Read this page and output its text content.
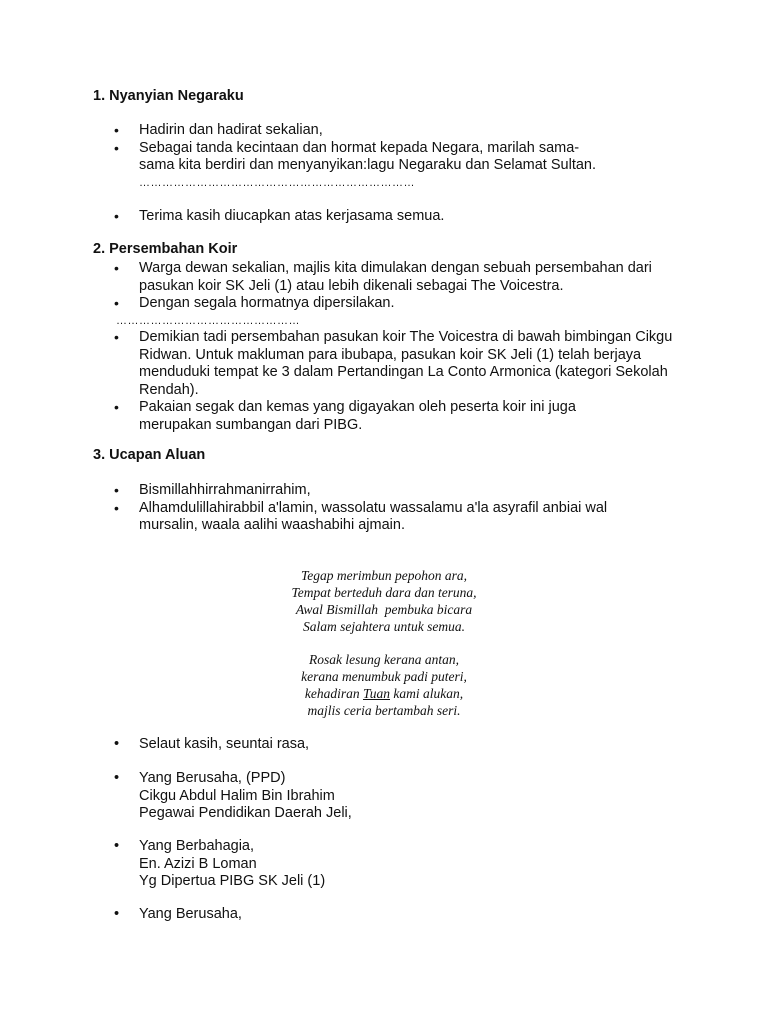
1. Nyanyian Negaraku
• Hadirin dan hadirat sekalian,
• Sebagai tanda kecintaan dan hormat kepada Negara, marilah sama-sama kita berdiri dan menyanyikan:lagu Negaraku dan Selamat Sultan.
………………………………………………………………
• Terima kasih diucapkan atas kerjasama semua.
2. Persembahan Koir
• Warga dewan sekalian, majlis kita dimulakan dengan sebuah persembahan dari pasukan koir SK Jeli (1) atau lebih dikenali sebagai The Voicestra.
• Dengan segala hormatnya dipersilakan.
…………………………………………
• Demikian tadi persembahan pasukan koir The Voicestra di bawah bimbingan Cikgu Ridwan. Untuk makluman para ibubapa, pasukan koir SK Jeli (1) telah berjaya menduduki tempat ke 3 dalam Pertandingan La Conto Armonica (kategori Sekolah Rendah).
• Pakaian segak dan kemas yang digayakan oleh peserta koir ini juga merupakan sumbangan dari PIBG.
3. Ucapan Aluan
• Bismillahhirrahmanirrahim,
• Alhamdulillahirabbil a'lamin, wassolatu wassalamu a'la asyrafil anbiai wal mursalin, waala aalihi waashabihi ajmain.
Tegap merimbun pepohon ara,
Tempat berteduh dara dan teruna,
Awal Bismillah  pembuka bicara
Salam sejahtera untuk semua.
Rosak lesung kerana antan,
kerana menumbuk padi puteri,
kehadiran Tuan kami alukan,
majlis ceria bertambah seri.
• Selaut kasih, seuntai rasa,
• Yang Berusaha, (PPD)
Cikgu Abdul Halim Bin Ibrahim
Pegawai Pendidikan Daerah Jeli,
• Yang Berbahagia,
En. Azizi B Loman
Yg Dipertua PIBG SK Jeli (1)
• Yang Berusaha,
